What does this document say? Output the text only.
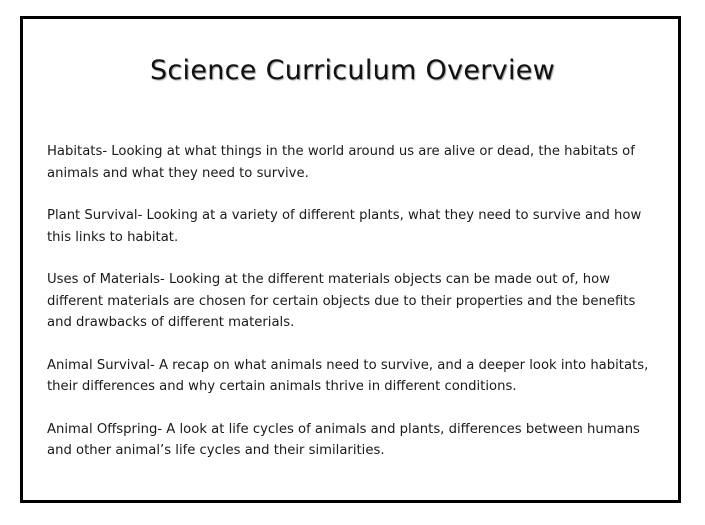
Science Curriculum Overview

Habitats- Looking at what things in the world around us are alive or dead, the habitats of animals and what they need to survive.

Plant Survival- Looking at a variety of different plants, what they need to survive and how this links to habitat.

Uses of Materials- Looking at the different materials objects can be made out of, how different materials are chosen for certain objects due to their properties and the benefits and drawbacks of different materials.

Animal Survival- A recap on what animals need to survive, and a deeper look into habitats, their differences and why certain animals thrive in different conditions.

Animal Offspring- A look at life cycles of animals and plants, differences between humans and other animal’s life cycles and their similarities.
